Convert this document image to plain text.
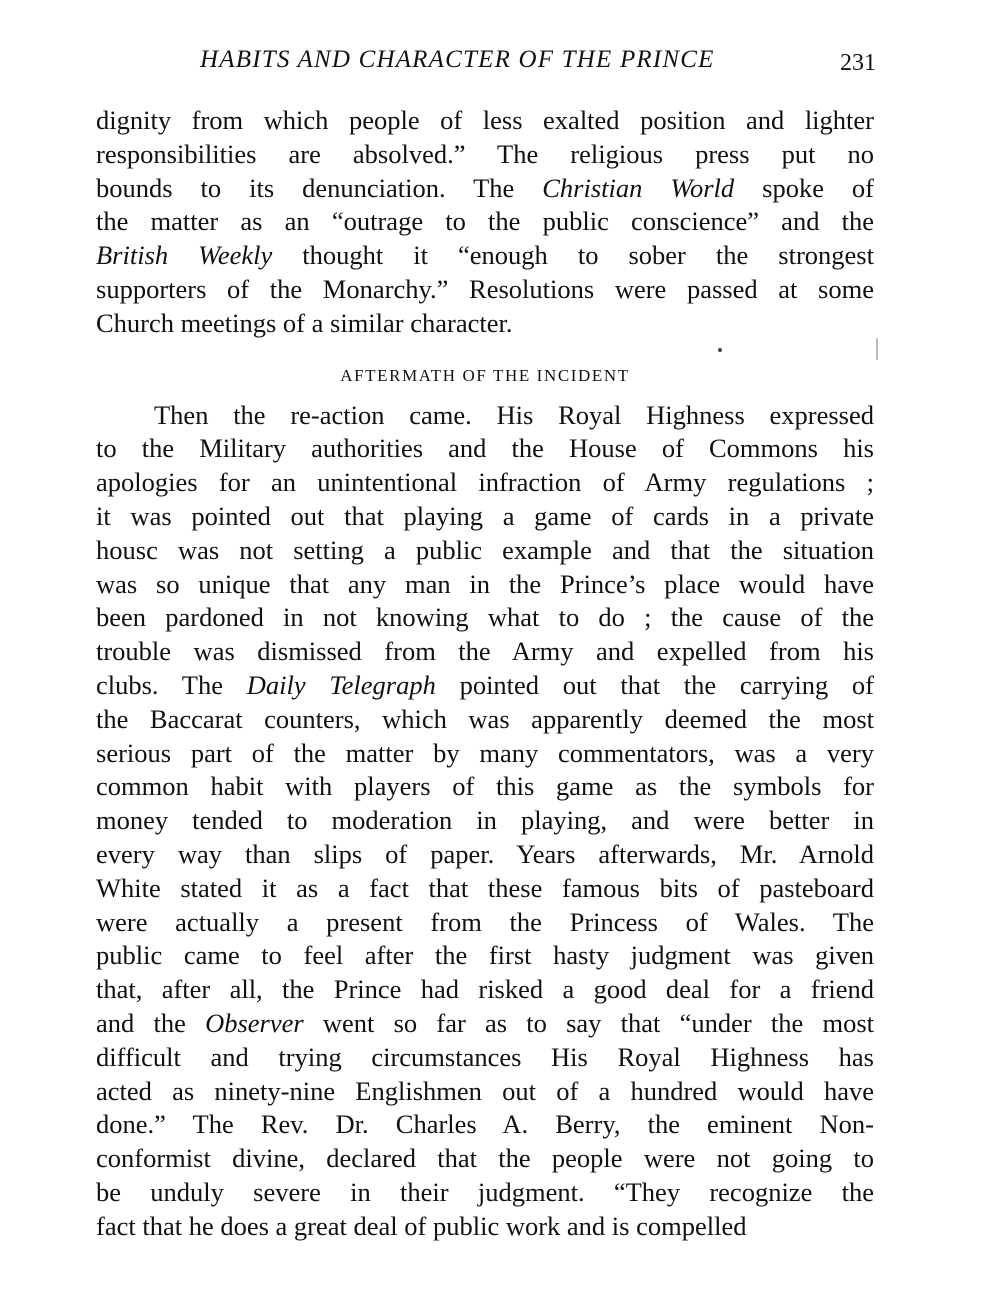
HABITS AND CHARACTER OF THE PRINCE	231
dignity from which people of less exalted position and lighter
responsibilities are absolved.” The religious press put no
bounds to its denunciation. The Christian World spoke of
the matter as an “outrage to the public conscience” and the
British Weekly thought it “enough to sober the strongest
supporters of the Monarchy.” Resolutions were passed at some
Church meetings of a similar character.
AFTERMATH OF THE INCIDENT
Then the re-action came. His Royal Highness expressed
to the Military authorities and the House of Commons his
apologies for an unintentional infraction of Army regulations ;
it was pointed out that playing a game of cards in a private
housc was not setting a public example and that the situation
was so unique that any man in the Prince’s place would have
been pardoned in not knowing what to do ; the cause of the
trouble was dismissed from the Army and expelled from his
clubs. The Daily Telegraph pointed out that the carrying of
the Baccarat counters, which was apparently deemed the most
serious part of the matter by many commentators, was a very
common habit with players of this game as the symbols for
money tended to moderation in playing, and were better in
every way than slips of paper. Years afterwards, Mr. Arnold
White stated it as a fact that these famous bits of pasteboard
were actually a present from the Princess of Wales. The
public came to feel after the first hasty judgment was given
that, after all, the Prince had risked a good deal for a friend
and the Observer went so far as to say that “under the most
difficult and trying circumstances His Royal Highness has
acted as ninety-nine Englishmen out of a hundred would have
done.” The Rev. Dr. Charles A. Berry, the eminent Non-
conformist divine, declared that the people were not going to
be unduly severe in their judgment. “They recognize the
fact that he does a great deal of public work and is compelled
